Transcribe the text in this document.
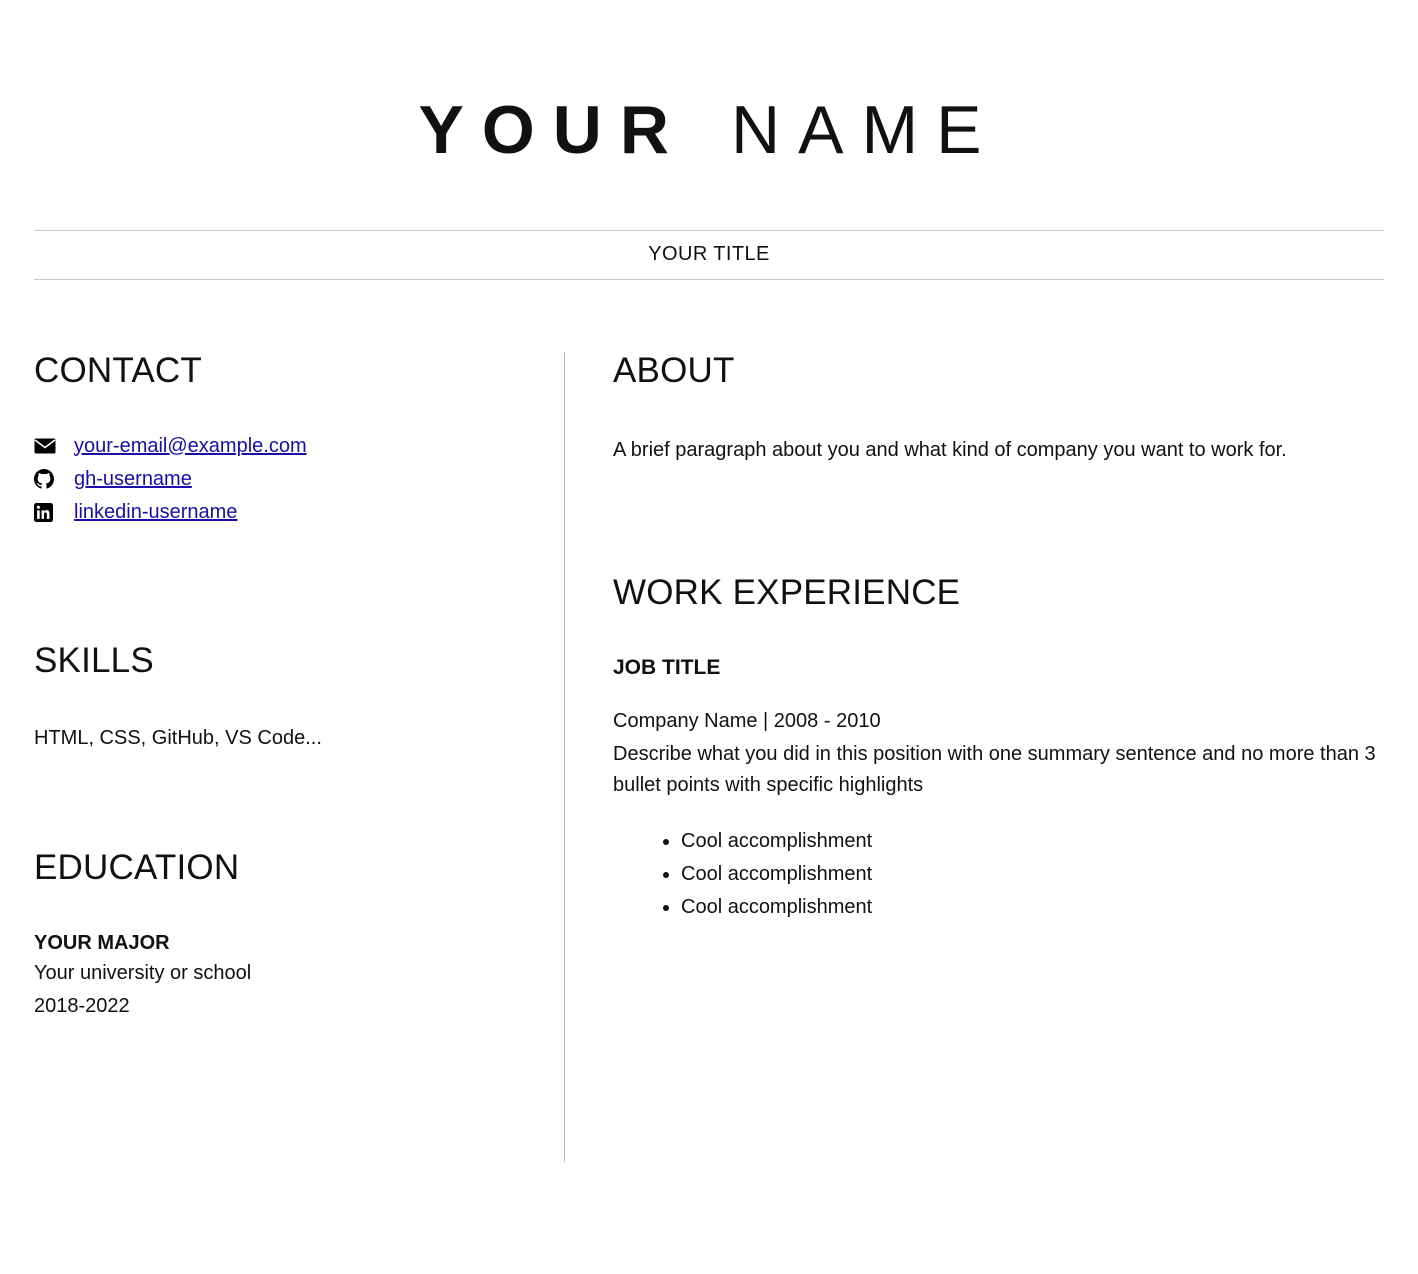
YOUR NAME
YOUR TITLE
CONTACT
your-email@example.com
gh-username
linkedin-username
SKILLS

HTML, CSS, GitHub, VS Code...

EDUCATION

YOUR MAJOR

Your university or school

2018-2022

ABOUT

A brief paragraph about you and what kind of company you want to work for.

WORK EXPERIENCE

JOB TITLE

Company Name | 2008 - 2010

Describe what you did in this position with one summary sentence and no more than 3 bullet points with specific highlights

• Cool accomplishment
• Cool accomplishment
• Cool accomplishment
